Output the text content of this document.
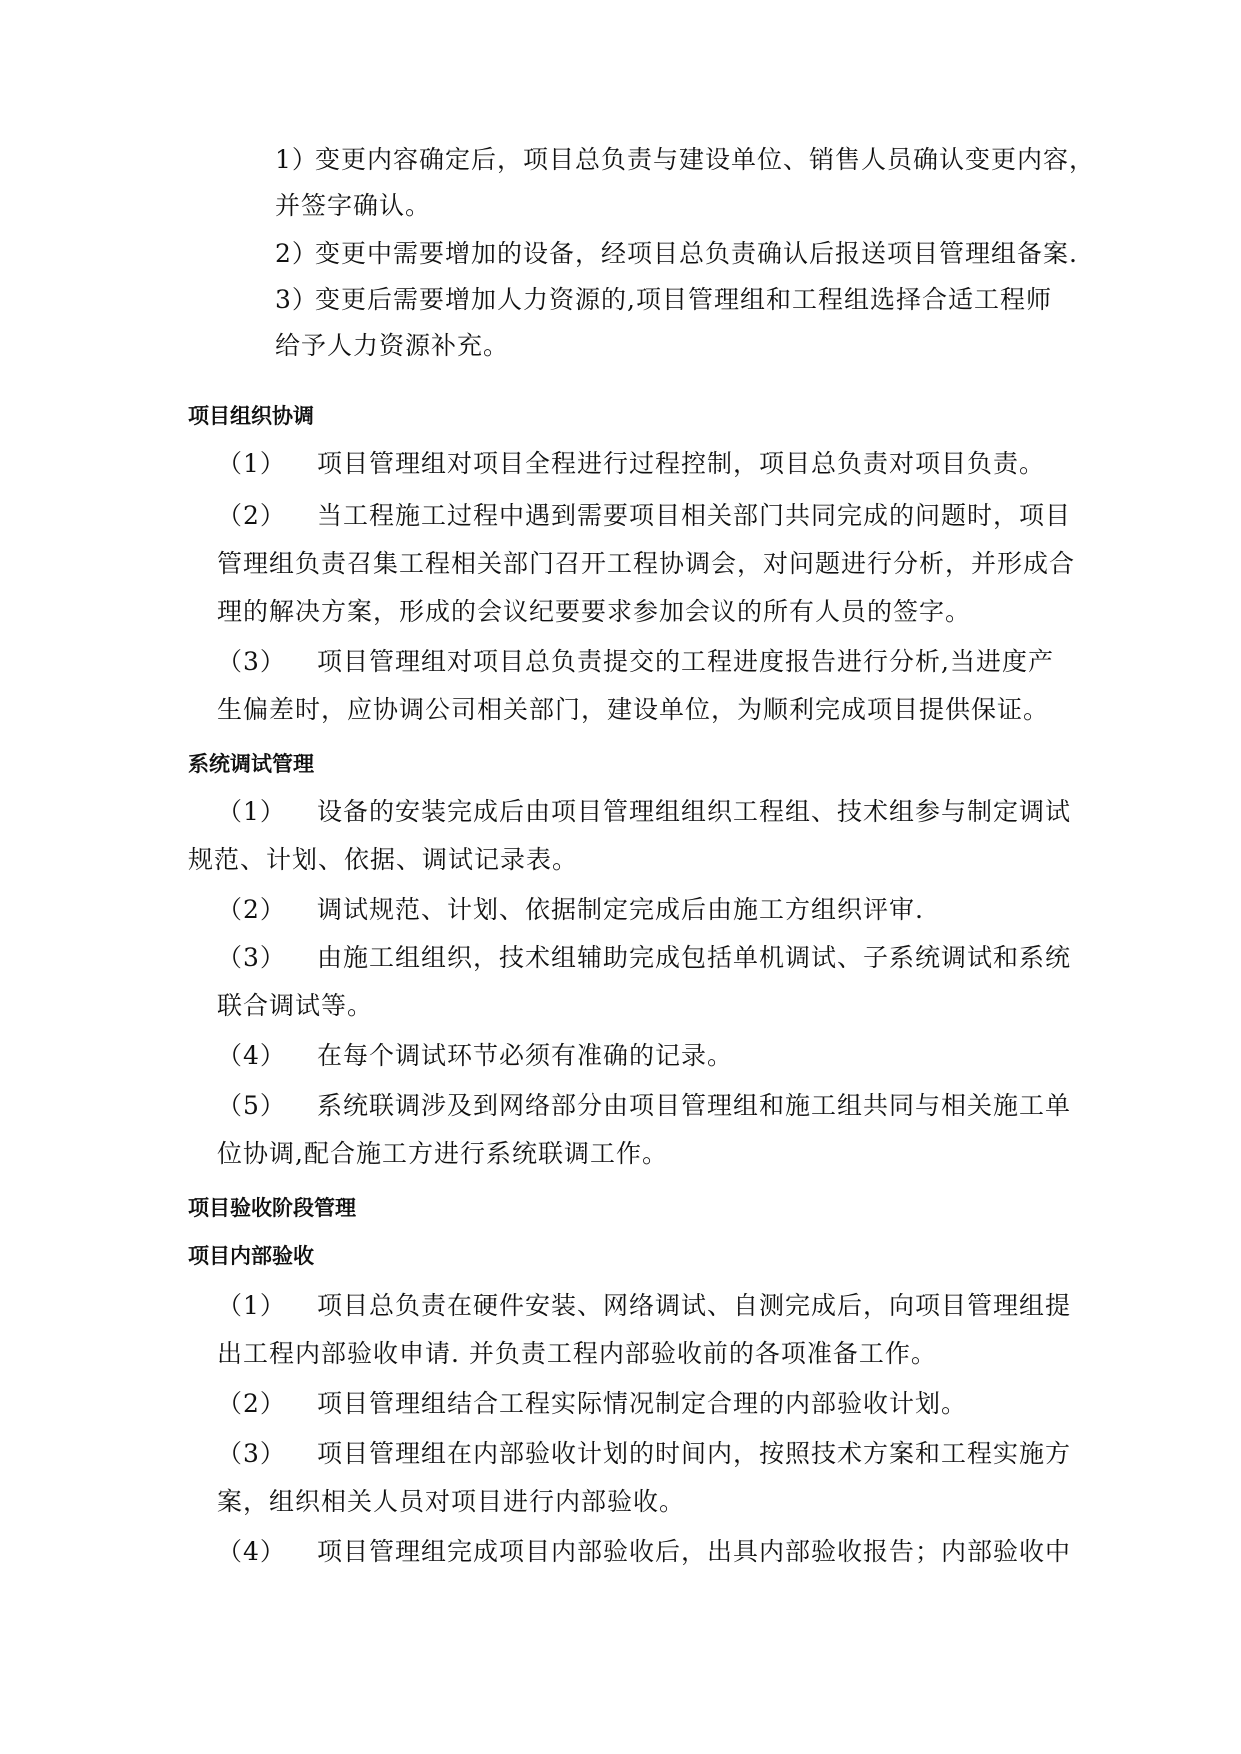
1）变更内容确定后，项目总负责与建设单位、销售人员确认变更内容，

并签字确认。

2）变更中需要增加的设备，经项目总负责确认后报送项目管理组备案.

3）变更后需要增加人力资源的,项目管理组和工程组选择合适工程师

给予人力资源补充。

项目组织协调

（1） 项目管理组对项目全程进行过程控制，项目总负责对项目负责。

（2） 当工程施工过程中遇到需要项目相关部门共同完成的问题时，项目

管理组负责召集工程相关部门召开工程协调会，对问题进行分析，并形成合

理的解决方案，形成的会议纪要要求参加会议的所有人员的签字。

（3） 项目管理组对项目总负责提交的工程进度报告进行分析,当进度产

生偏差时，应协调公司相关部门，建设单位，为顺利完成项目提供保证。

系统调试管理

（1） 设备的安装完成后由项目管理组组织工程组、技术组参与制定调试

规范、计划、依据、调试记录表。

（2） 调试规范、计划、依据制定完成后由施工方组织评审.

（3） 由施工组组织，技术组辅助完成包括单机调试、子系统调试和系统

联合调试等。

（4） 在每个调试环节必须有准确的记录。

（5） 系统联调涉及到网络部分由项目管理组和施工组共同与相关施工单

位协调,配合施工方进行系统联调工作。

项目验收阶段管理
项目内部验收

（1） 项目总负责在硬件安装、网络调试、自测完成后，向项目管理组提

出工程内部验收申请. 并负责工程内部验收前的各项准备工作。

（2） 项目管理组结合工程实际情况制定合理的内部验收计划。

（3） 项目管理组在内部验收计划的时间内，按照技术方案和工程实施方

案，组织相关人员对项目进行内部验收。

（4） 项目管理组完成项目内部验收后，出具内部验收报告；内部验收中
